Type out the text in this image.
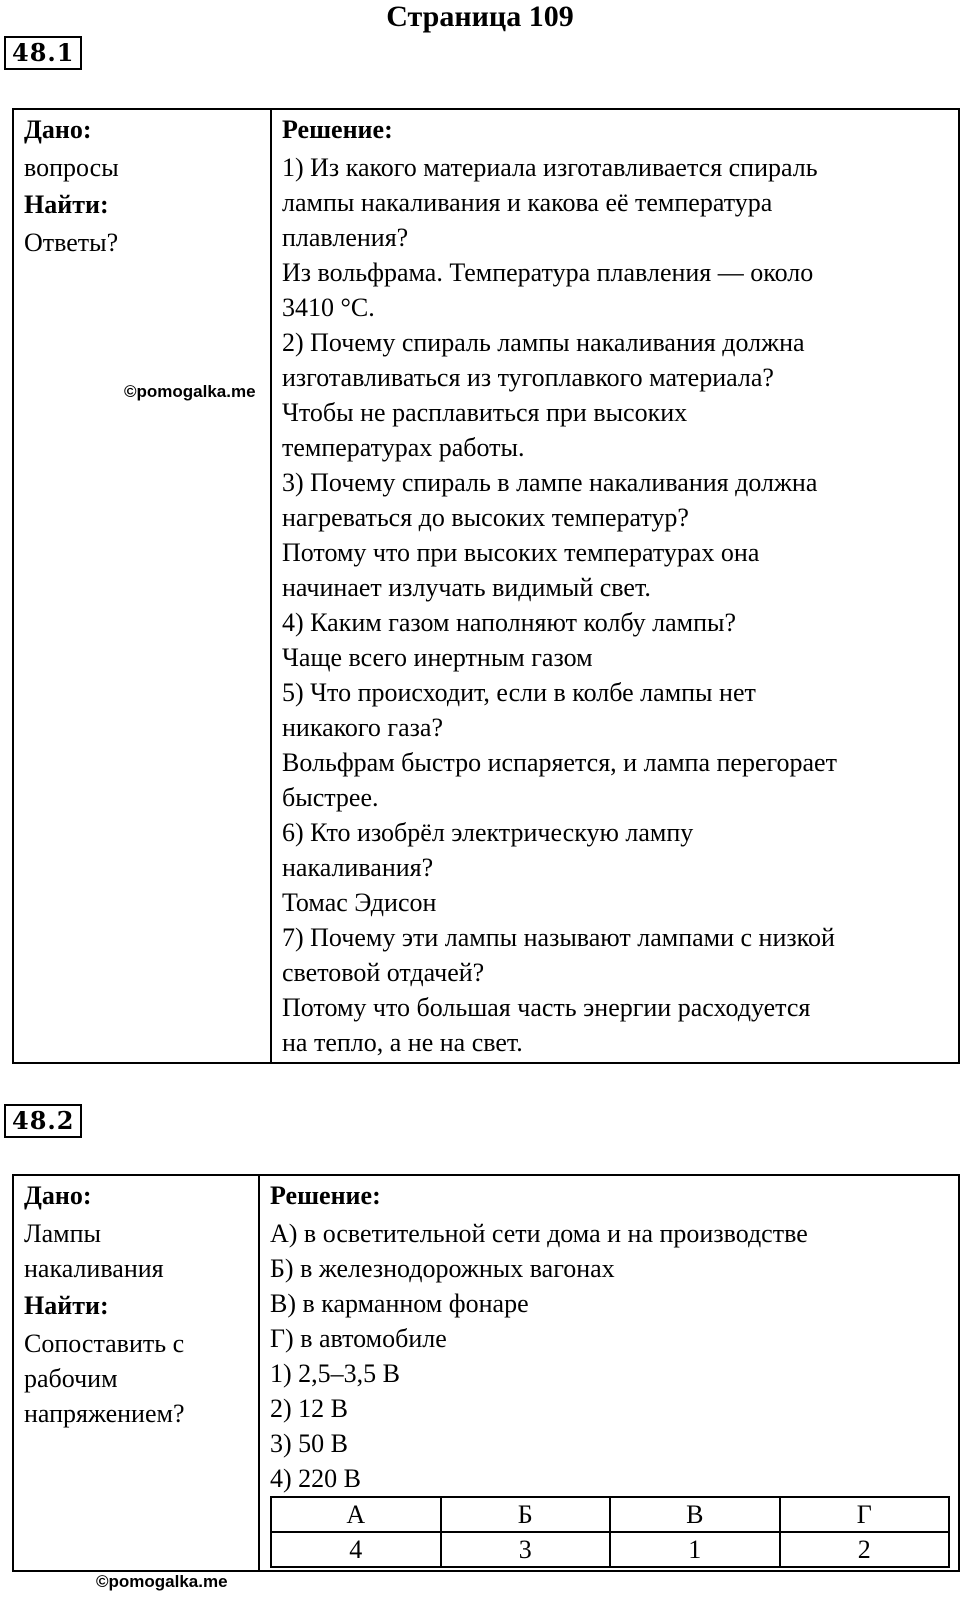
Страница 109
48.1
Дано:
вопросы
Найти:
Ответы?

Решение:
1) Из какого материала изготавливается спираль
лампы накаливания и какова её температура
плавления?
Из вольфрама. Температура плавления — около
3410 °С.
2) Почему спираль лампы накаливания должна
изготавливаться из тугоплавкого материала?
Чтобы не расплавиться при высоких
температурах работы.
3) Почему спираль в лампе накаливания должна
нагреваться до высоких температур?
Потому что при высоких температурах она
начинает излучать видимый свет.
4) Каким газом наполняют колбу лампы?
Чаще всего инертным газом
5) Что происходит, если в колбе лампы нет
никакого газа?
Вольфрам быстро испаряется, и лампа перегорает
быстрее.
6) Кто изобрёл электрическую лампу
накаливания?
Томас Эдисон
7) Почему эти лампы называют лампами с низкой
световой отдачей?
Потому что большая часть энергии расходуется
на тепло, а не на свет.
©pomogalka.me
48.2
Дано:
Лампы
накаливания
Найти:
Сопоставить с
рабочим
напряжением?

Решение:
А) в осветительной сети дома и на производстве
Б) в железнодорожных вагонах
В) в карманном фонаре
Г) в автомобиле
1) 2,5–3,5 В
2) 12 В
3) 50 В
4) 220 В
А	Б	В	Г
4	3	1	2
©pomogalka.me
